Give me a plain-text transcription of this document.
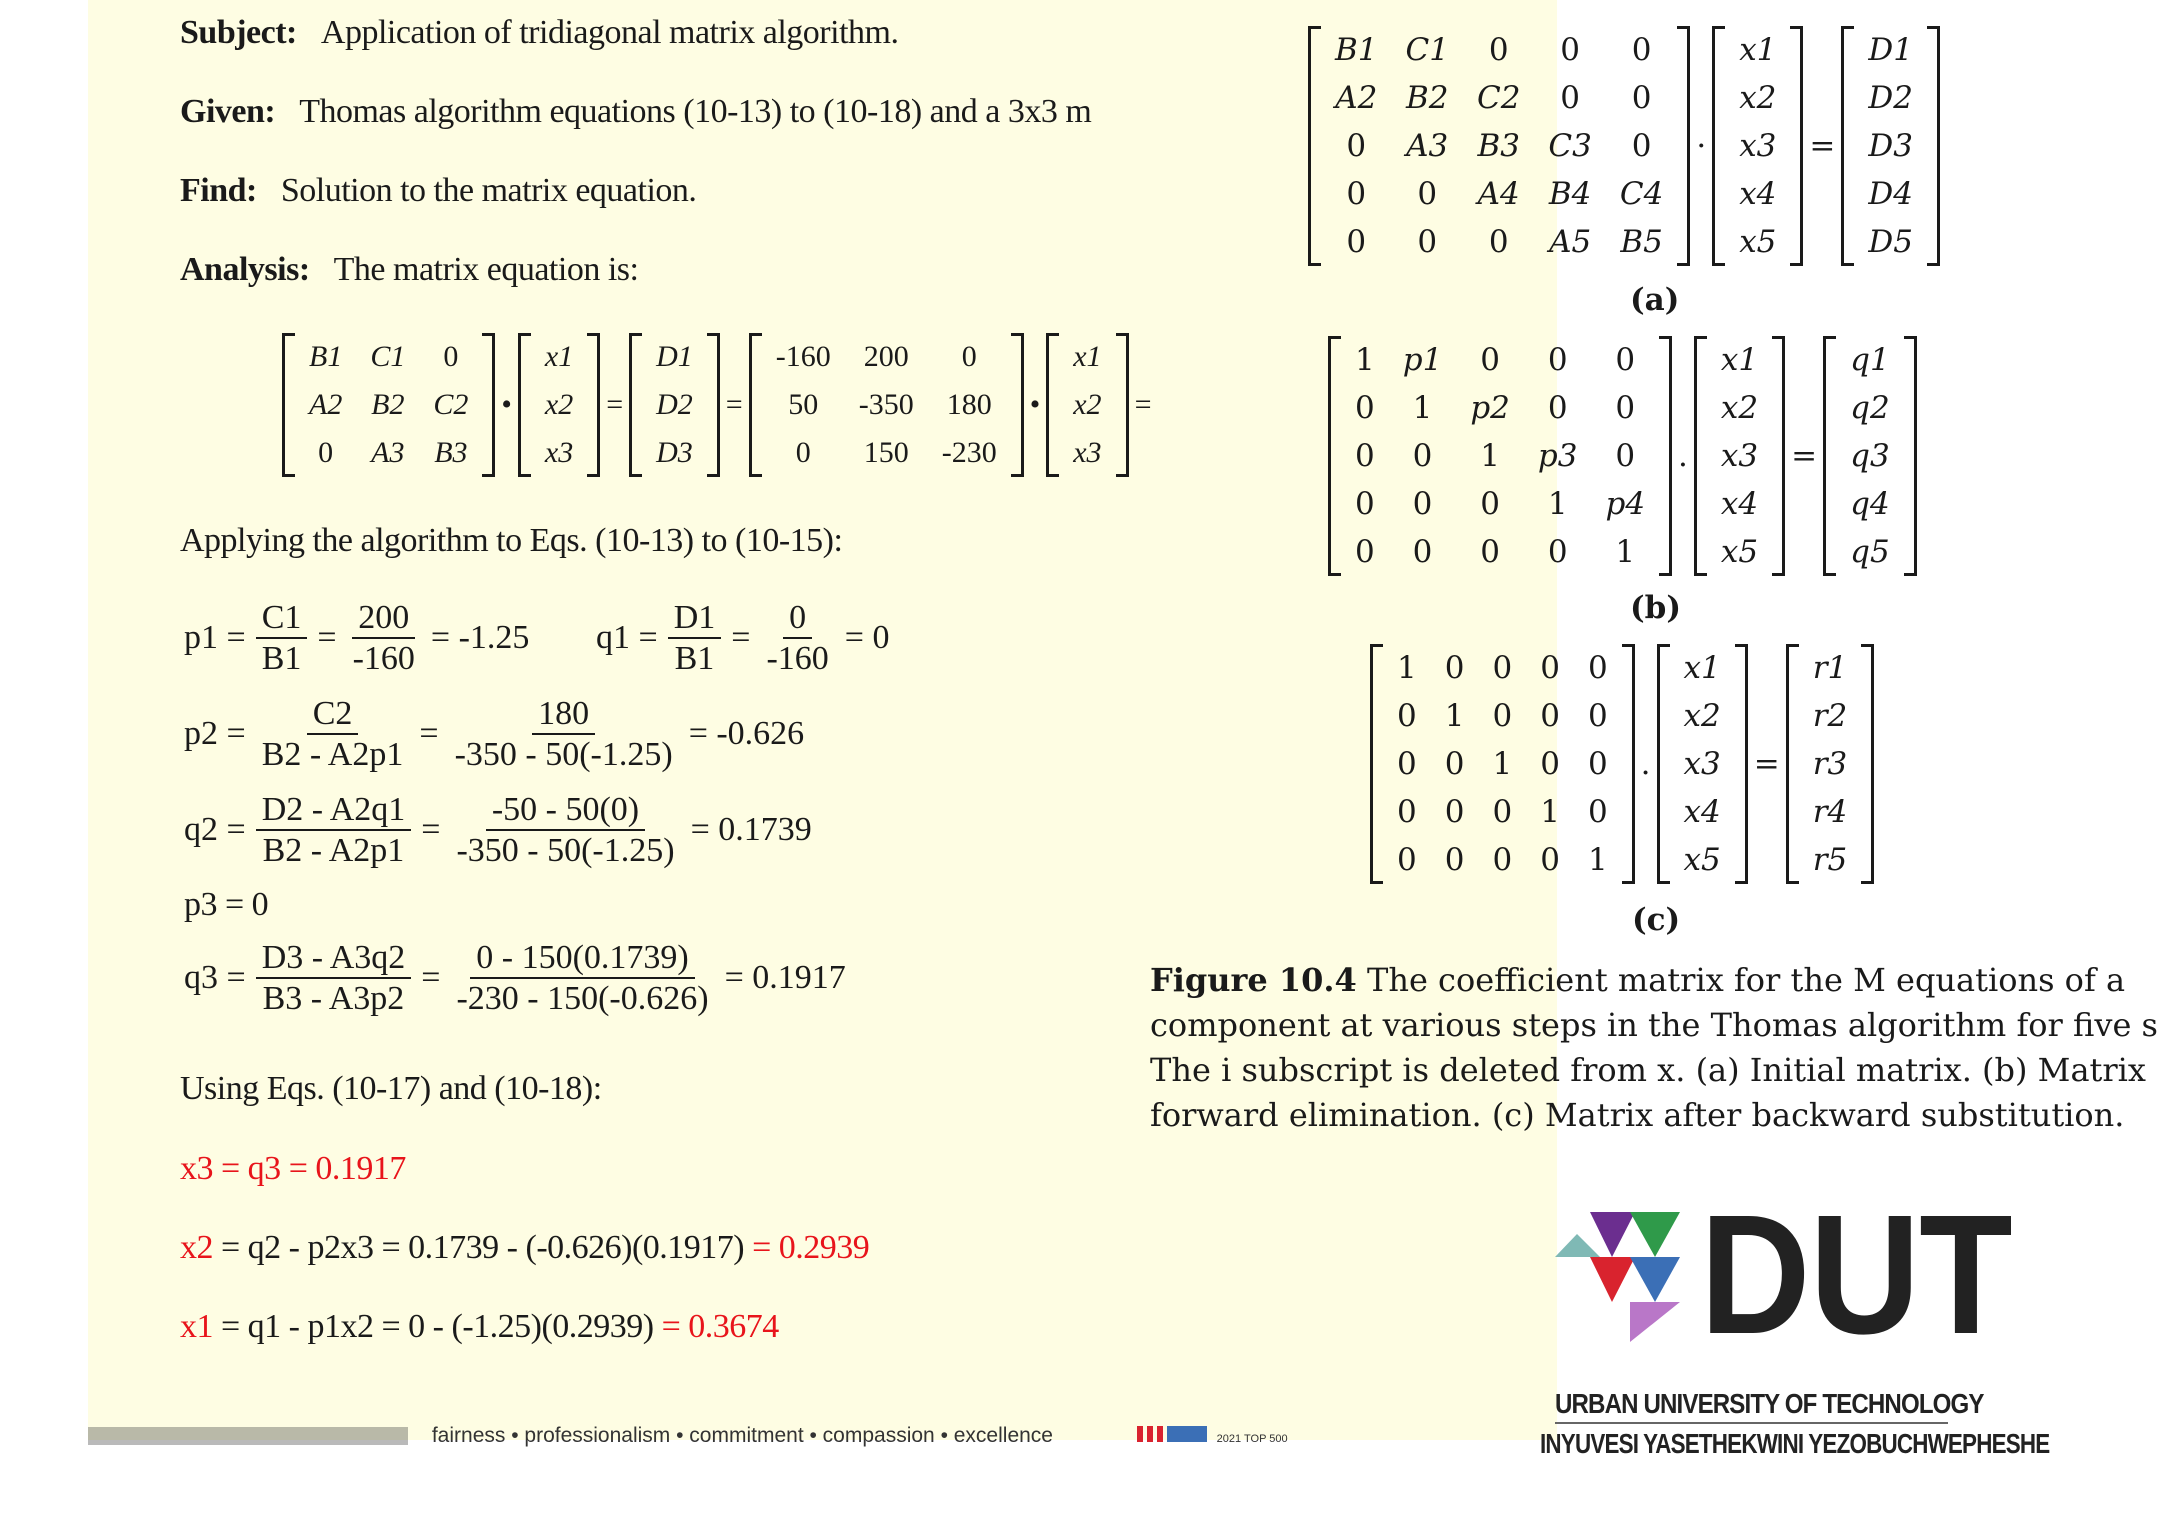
Subject: Application of tridiagonal matrix algorithm.
Given: Thomas algorithm equations (10-13) to (10-18) and a 3x3 m
Find: Solution to the matrix equation.
Analysis: The matrix equation is:
B1	C1	0
A2	B2	C2
0	A3	B3
•
x1
x2
x3
=
D1
D2
D3
=
-160	200	0
50	-350	180
0	150	-230
•
x1
x2
x3
=
Applying the algorithm to Eqs. (10-13) to (10-15):
$p1 = \frac{C1}{B1} = \frac{200}{-160} = -1.25$ $q1 = \frac{D1}{B1} = \frac{0}{-160} = 0$
$p2 = \frac{C2}{B2 - A2p1} = \frac{180}{-350 - 50(-1.25)} = -0.626$
$q2 = \frac{D2 - A2q1}{B2 - A2p1} = \frac{-50 - 50(0)}{-350 - 50(-1.25)} = 0.1739$
p3 = 0
$q3 = \frac{D3 - A3q2}{B3 - A3p2} = \frac{0 - 150(0.1739)}{-230 - 150(-0.626)} = 0.1917$
Using Eqs. (10-17) and (10-18):
x3 = q3 = 0.1917
x2 = q2 - p2x3 = 0.1739 - (-0.626)(0.1917) = 0.2939
x1 = q1 - p1x2 = 0 - (-1.25)(0.2939) = 0.3674
B1	C1	0	0	0
A2	B2	C2	0	0
0	A3	B3	C3	0
0	0	A4	B4	C4
0	0	0	A5	B5
·
x1
x2
x3
x4
x5
=
D1
D2
D3
D4
D5
(a)
1	p1	0	0	0
0	1	p2	0	0
0	0	1	p3	0
0	0	0	1	p4
0	0	0	0	1
.
x1
x2
x3
x4
x5
=
q1
q2
q3
q4
q5
(b)
1	0	0	0	0
0	1	0	0	0
0	0	1	0	0
0	0	0	1	0
0	0	0	0	1
.
x1
x2
x3
x4
x5
=
r1
r2
r3
r4
r5
(c)
Figure 10.4 The coefficient matrix for the M equations of a
component at various steps in the Thomas algorithm for five s
The i subscript is deleted from x. (a) Initial matrix. (b) Matrix
forward elimination. (c) Matrix after backward substitution.
fairness • professionalism • commitment • compassion • excellence	2021 TOP 500
DUT
URBAN UNIVERSITY OF TECHNOLOGY
INYUVESI YASETHEKWINI YEZOBUCHWEPHESHE
